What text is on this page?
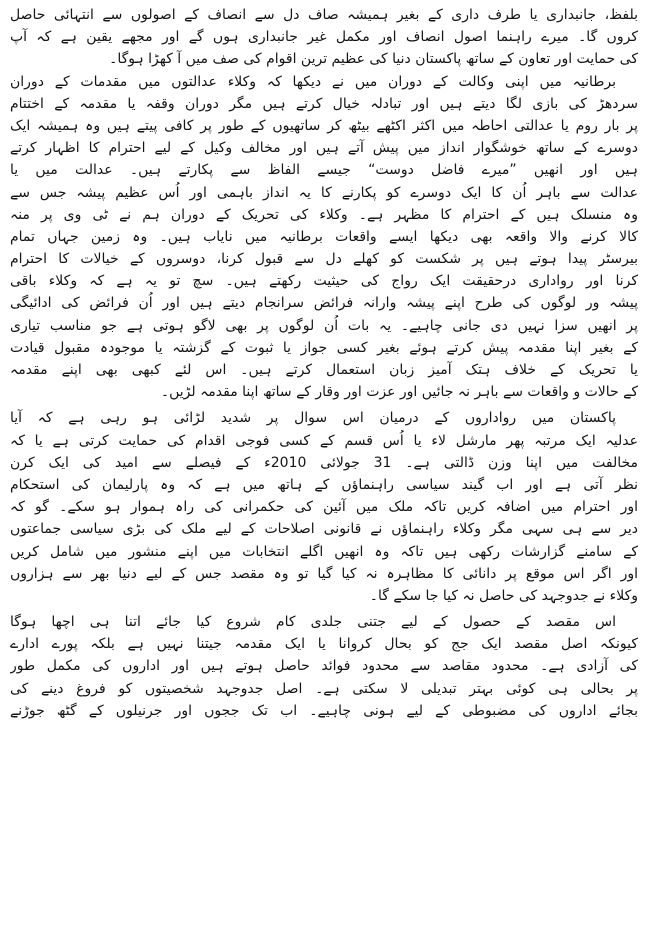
بلفظ، جانبداری یا طرف داری کے بغیر ہمیشہ صاف دل سے انصاف کے اصولوں سے انتہائی حاصل
کروں گا۔ میرے راہنما اصول انصاف اور مکمل غیر جانبداری ہوں گے اور مجھے یقین ہے کہ آپ
کی حمایت اور تعاون کے ساتھ پاکستان دنیا کی عظیم ترین اقوام کی صف میں آ کھڑا ہوگا۔
برطانیہ میں اپنی وکالت کے دوران میں نے دیکھا کہ وکلاء عدالتوں میں مقدمات کے دوران
سردھڑ کی بازی لگا دیتے ہیں اور تبادلہ خیال کرتے ہیں مگر دوران وقفہ یا مقدمہ کے اختتام
پر بار روم یا عدالتی احاطہ میں اکثر اکٹھے بیٹھ کر ساتھیوں کے طور پر کافی پیتے ہیں وہ ہمیشہ ایک
دوسرے کے ساتھ خوشگوار انداز میں پیش آتے ہیں اور مخالف وکیل کے لیے احترام کا اظہار کرتے
ہیں اور انھیں ”میرے فاضل دوست“ جیسے الفاظ سے پکارتے ہیں۔ عدالت میں یا
عدالت سے باہر اُن کا ایک دوسرے کو پکارنے کا یہ انداز باہمی اور اُس عظیم پیشہ جس سے
وہ منسلک ہیں کے احترام کا مظہر ہے۔ وکلاء کی تحریک کے دوران ہم نے ٹی وی پر منہ
کالا کرنے والا واقعہ بھی دیکھا ایسے واقعات برطانیہ میں نایاب ہیں۔ وہ زمین جہاں تمام
بیرسٹر پیدا ہوتے ہیں پر شکست کو کھلے دل سے قبول کرنا، دوسروں کے خیالات کا احترام
کرنا اور رواداری درحقیقت ایک رواج کی حیثیت رکھتے ہیں۔ سچ تو یہ ہے کہ وکلاء باقی
پیشہ ور لوگوں کی طرح اپنے پیشہ وارانہ فرائض سرانجام دیتے ہیں اور اُن فرائض کی ادائیگی
پر انھیں سزا نہیں دی جانی چاہیے۔ یہ بات اُن لوگوں پر بھی لاگو ہوتی ہے جو مناسب تیاری
کے بغیر اپنا مقدمہ پیش کرتے ہوئے بغیر کسی جواز یا ثبوت کے گزشتہ یا موجودہ مقبول قیادت
یا تحریک کے خلاف ہتک آمیز زبان استعمال کرتے ہیں۔ اس لئے کبھی بھی اپنے مقدمہ
کے حالات و واقعات سے باہر نہ جائیں اور عزت اور وقار کے ساتھ اپنا مقدمہ لڑیں۔
پاکستان میں رواداروں کے درمیان اس سوال پر شدید لڑائی ہو رہی ہے کہ آیا
عدلیہ ایک مرتبہ پھر مارشل لاء یا اُس قسم کے کسی فوجی اقدام کی حمایت کرتی ہے یا کہ
مخالفت میں اپنا وزن ڈالتی ہے۔ 31 جولائی 2010ء کے فیصلے سے امید کی ایک کرن
نظر آتی ہے اور اب گیند سیاسی راہنماؤں کے ہاتھ میں ہے کہ وہ پارلیمان کی استحکام
اور احترام میں اضافہ کریں تاکہ ملک میں آئین کی حکمرانی کی راہ ہموار ہو سکے۔ گو کہ
دیر سے ہی سہی مگر وکلاء راہنماؤں نے قانونی اصلاحات کے لیے ملک کی بڑی سیاسی جماعتوں
کے سامنے گزارشات رکھی ہیں تاکہ وہ انھیں اگلے انتخابات میں اپنے منشور میں شامل کریں
اور اگر اس موقع پر دانائی کا مظاہرہ نہ کیا گیا تو وہ مقصد جس کے لیے دنیا بھر سے ہزاروں
وکلاء نے جدوجہد کی حاصل نہ کیا جا سکے گا۔
اس مقصد کے حصول کے لیے جتنی جلدی کام شروع کیا جائے اتنا ہی اچھا ہوگا
کیونکہ اصل مقصد ایک جج کو بحال کروانا یا ایک مقدمہ جیتنا نہیں ہے بلکہ پورے ادارے
کی آزادی ہے۔ محدود مقاصد سے محدود فوائد حاصل ہوتے ہیں اور اداروں کی مکمل طور
پر بحالی ہی کوئی بہتر تبدیلی لا سکتی ہے۔ اصل جدوجہد شخصیتوں کو فروغ دینے کی
بجائے اداروں کی مضبوطی کے لیے ہونی چاہیے۔ اب تک ججوں اور جرنیلوں کے گٹھ جوڑنے
